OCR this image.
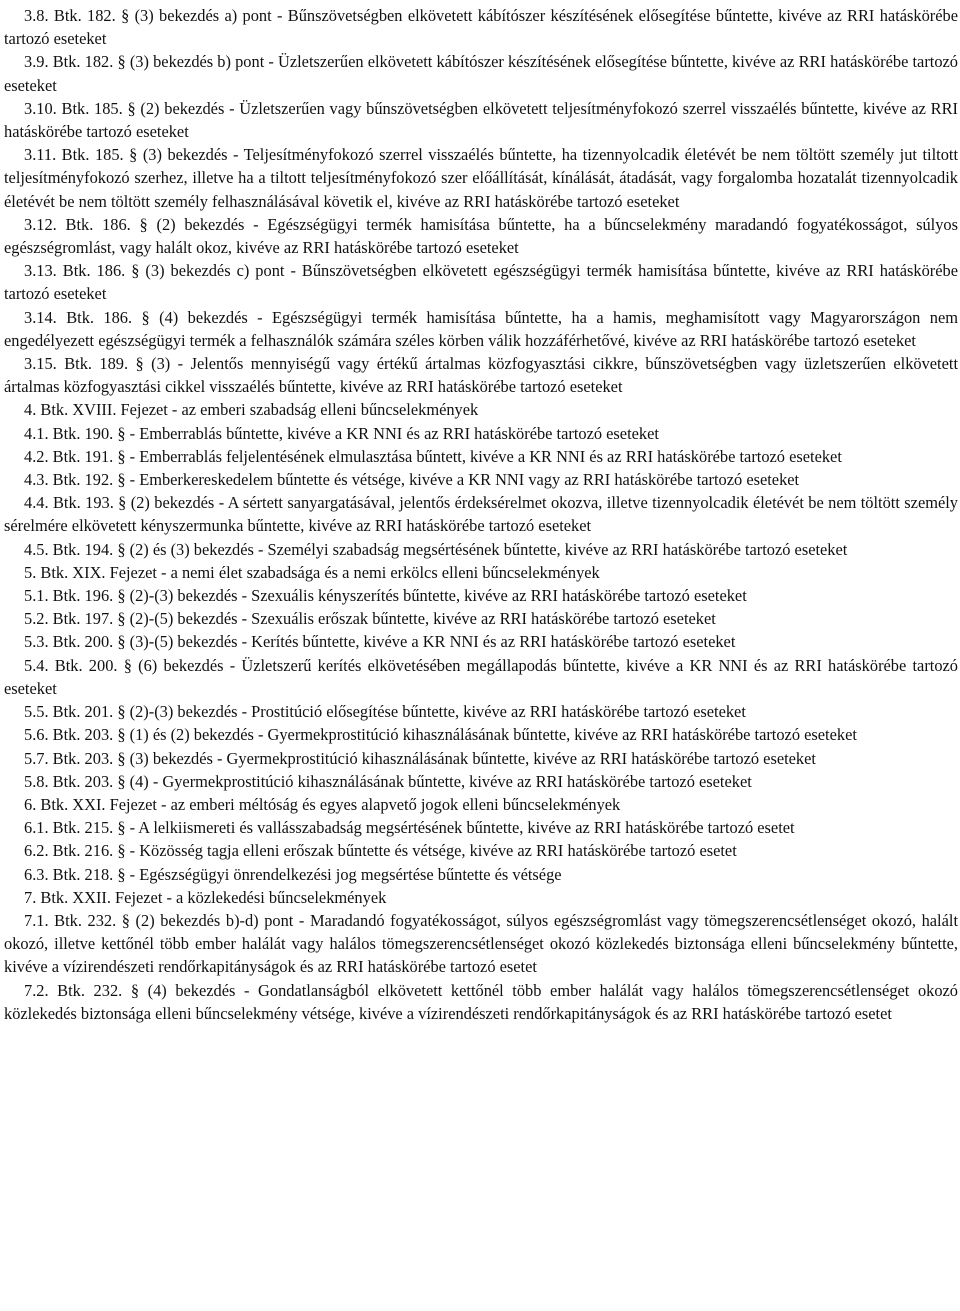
3.8. Btk. 182. § (3) bekezdés a) pont - Bűnszövetségben elkövetett kábítószer készítésének elősegítése bűntette, kivéve az RRI hatáskörébe tartozó eseteket

3.9. Btk. 182. § (3) bekezdés b) pont - Üzletszerűen elkövetett kábítószer készítésének elősegítése bűntette, kivéve az RRI hatáskörébe tartozó eseteket

3.10. Btk. 185. § (2) bekezdés - Üzletszerűen vagy bűnszövetségben elkövetett teljesítményfokozó szerrel visszaélés bűntette, kivéve az RRI hatáskörébe tartozó eseteket

3.11. Btk. 185. § (3) bekezdés - Teljesítményfokozó szerrel visszaélés bűntette, ha tizennyolcadik életévét be nem töltött személy jut tiltott teljesítményfokozó szerhez, illetve ha a tiltott teljesítményfokozó szer előállítását, kínálását, átadását, vagy forgalomba hozatalát tizennyolcadik életévét be nem töltött személy felhasználásával követik el, kivéve az RRI hatáskörébe tartozó eseteket

3.12. Btk. 186. § (2) bekezdés - Egészségügyi termék hamisítása bűntette, ha a bűncselekmény maradandó fogyatékosságot, súlyos egészségromlást, vagy halált okoz, kivéve az RRI hatáskörébe tartozó eseteket

3.13. Btk. 186. § (3) bekezdés c) pont - Bűnszövetségben elkövetett egészségügyi termék hamisítása bűntette, kivéve az RRI hatáskörébe tartozó eseteket

3.14. Btk. 186. § (4) bekezdés - Egészségügyi termék hamisítása bűntette, ha a hamis, meghamisított vagy Magyarországon nem engedélyezett egészségügyi termék a felhasználók számára széles körben válik hozzáférhetővé, kivéve az RRI hatáskörébe tartozó eseteket

3.15. Btk. 189. § (3) - Jelentős mennyiségű vagy értékű ártalmas közfogyasztási cikkre, bűnszövetségben vagy üzletszerűen elkövetett ártalmas közfogyasztási cikkel visszaélés bűntette, kivéve az RRI hatáskörébe tartozó eseteket

4. Btk. XVIII. Fejezet - az emberi szabadság elleni bűncselekmények

4.1. Btk. 190. § - Emberrablás bűntette, kivéve a KR NNI és az RRI hatáskörébe tartozó eseteket

4.2. Btk. 191. § - Emberrablás feljelentésének elmulasztása bűntett, kivéve a KR NNI és az RRI hatáskörébe tartozó eseteket

4.3. Btk. 192. § - Emberkereskedelem bűntette és vétsége, kivéve a KR NNI vagy az RRI hatáskörébe tartozó eseteket

4.4. Btk. 193. § (2) bekezdés - A sértett sanyargatásával, jelentős érdeksérelmet okozva, illetve tizennyolcadik életévét be nem töltött személy sérelmére elkövetett kényszermunka bűntette, kivéve az RRI hatáskörébe tartozó eseteket

4.5. Btk. 194. § (2) és (3) bekezdés - Személyi szabadság megsértésének bűntette, kivéve az RRI hatáskörébe tartozó eseteket

5. Btk. XIX. Fejezet - a nemi élet szabadsága és a nemi erkölcs elleni bűncselekmények

5.1. Btk. 196. § (2)-(3) bekezdés - Szexuális kényszerítés bűntette, kivéve az RRI hatáskörébe tartozó eseteket

5.2. Btk. 197. § (2)-(5) bekezdés - Szexuális erőszak bűntette, kivéve az RRI hatáskörébe tartozó eseteket

5.3. Btk. 200. § (3)-(5) bekezdés - Kerítés bűntette, kivéve a KR NNI és az RRI hatáskörébe tartozó eseteket

5.4. Btk. 200. § (6) bekezdés - Üzletszerű kerítés elkövetésében megállapodás bűntette, kivéve a KR NNI és az RRI hatáskörébe tartozó eseteket

5.5. Btk. 201. § (2)-(3) bekezdés - Prostitúció elősegítése bűntette, kivéve az RRI hatáskörébe tartozó eseteket

5.6. Btk. 203. § (1) és (2) bekezdés - Gyermekprostitúció kihasználásának bűntette, kivéve az RRI hatáskörébe tartozó eseteket

5.7. Btk. 203. § (3) bekezdés - Gyermekprostitúció kihasználásának bűntette, kivéve az RRI hatáskörébe tartozó eseteket

5.8. Btk. 203. § (4) - Gyermekprostitúció kihasználásának bűntette, kivéve az RRI hatáskörébe tartozó eseteket

6. Btk. XXI. Fejezet - az emberi méltóság és egyes alapvető jogok elleni bűncselekmények

6.1. Btk. 215. § - A lelkiismereti és vallásszabadság megsértésének bűntette, kivéve az RRI hatáskörébe tartozó esetet

6.2. Btk. 216. § - Közösség tagja elleni erőszak bűntette és vétsége, kivéve az RRI hatáskörébe tartozó esetet

6.3. Btk. 218. § - Egészségügyi önrendelkezési jog megsértése bűntette és vétsége

7. Btk. XXII. Fejezet - a közlekedési bűncselekmények

7.1. Btk. 232. § (2) bekezdés b)-d) pont - Maradandó fogyatékosságot, súlyos egészségromlást vagy tömegszerencsétlenséget okozó, halált okozó, illetve kettőnél több ember halálát vagy halálos tömegszerencsétlenséget okozó közlekedés biztonsága elleni bűncselekmény bűntette, kivéve a vízirendészeti rendőrkapitányságok és az RRI hatáskörébe tartozó esetet

7.2. Btk. 232. § (4) bekezdés - Gondatlanságból elkövetett kettőnél több ember halálát vagy halálos tömegszerencsétlenséget okozó közlekedés biztonsága elleni bűncselekmény vétsége, kivéve a vízirendészeti rendőrkapitányságok és az RRI hatáskörébe tartozó esetet
